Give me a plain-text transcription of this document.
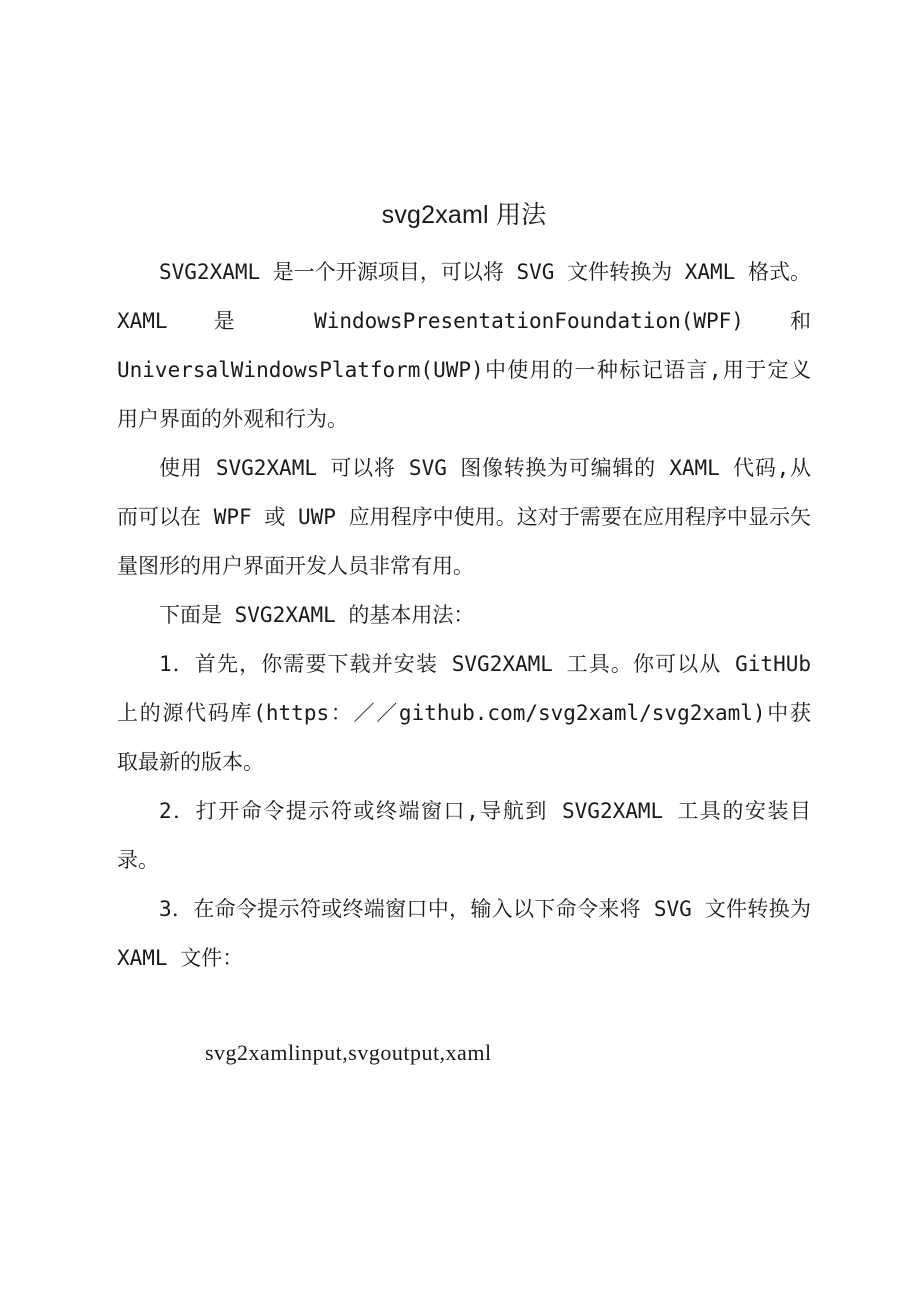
svg2xaml 用法

SVG2XAML 是一个开源项目，可以将 SVG 文件转换为 XAML 格式。XAML 是 WindowsPresentationFoundation(WPF) 和 UniversalWindowsPlatform(UWP)中使用的一种标记语言,用于定义用户界面的外观和行为。

使用 SVG2XAML 可以将 SVG 图像转换为可编辑的 XAML 代码,从而可以在 WPF 或 UWP 应用程序中使用。这对于需要在应用程序中显示矢量图形的用户界面开发人员非常有用。

下面是 SVG2XAML 的基本用法：

1．首先，你需要下载并安装 SVG2XAML 工具。你可以从 GitHUb 上的源代码库(https：／／github.com/svg2xaml/svg2xaml)中获取最新的版本。

2．打开命令提示符或终端窗口,导航到 SVG2XAML 工具的安装目录。

3．在命令提示符或终端窗口中，输入以下命令来将 SVG 文件转换为 XAML 文件：

svg2xamlinput,svgoutput,xaml
